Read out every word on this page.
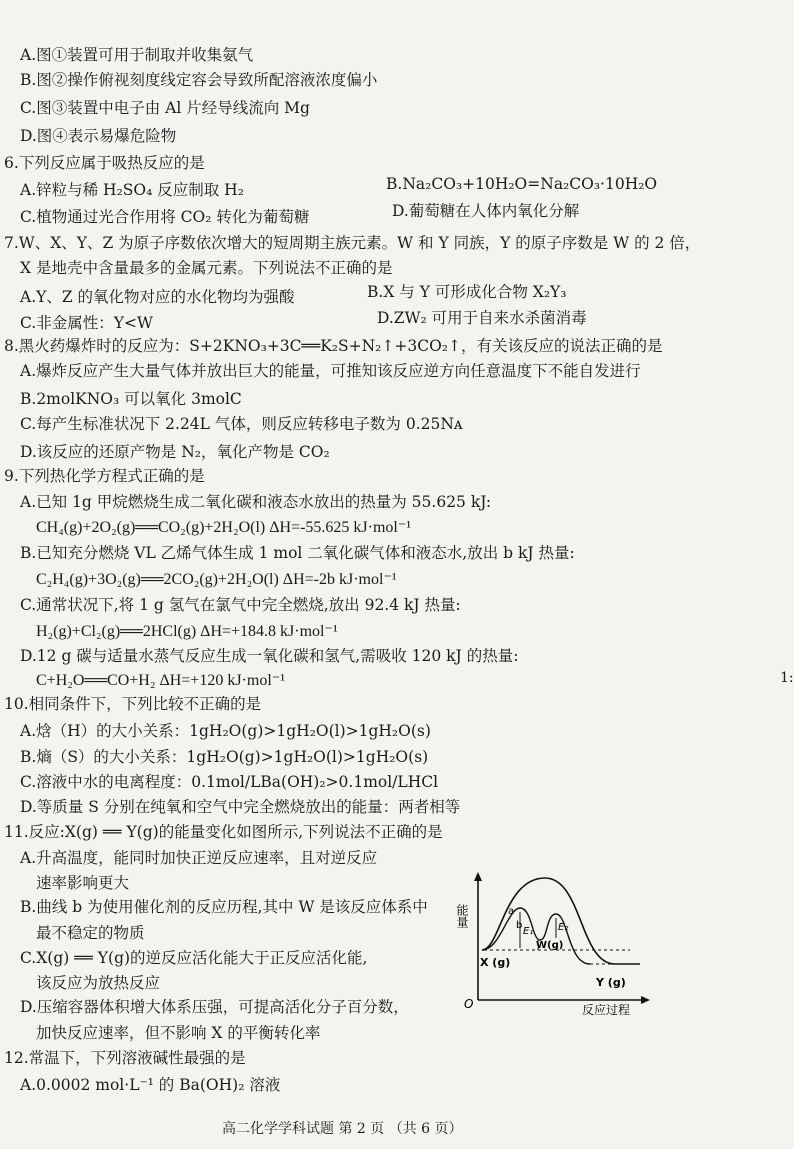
A.图①装置可用于制取并收集氨气
B.图②操作俯视刻度线定容会导致所配溶液浓度偏小
C.图③装置中电子由 Al 片经导线流向 Mg
D.图④表示易爆危险物
6.下列反应属于吸热反应的是
A.锌粒与稀 H₂SO₄ 反应制取 H₂	B.Na₂CO₃+10H₂O=Na₂CO₃·10H₂O
C.植物通过光合作用将 CO₂ 转化为葡萄糖	D.葡萄糖在人体内氧化分解
7.W、X、Y、Z 为原子序数依次增大的短周期主族元素。W 和 Y 同族，Y 的原子序数是 W 的 2 倍，
X 是地壳中含量最多的金属元素。下列说法不正确的是
A.Y、Z 的氧化物对应的水化物均为强酸	B.X 与 Y 可形成化合物 X₂Y₃
C.非金属性：Y<W	D.ZW₂ 可用于自来水杀菌消毒
8.黑火药爆炸时的反应为：S+2KNO₃+3C══K₂S+N₂↑+3CO₂↑，有关该反应的说法正确的是
A.爆炸反应产生大量气体并放出巨大的能量，可推知该反应逆方向任意温度下不能自发进行
B.2molKNO₃ 可以氧化 3molC
C.每产生标准状况下 2.24L 气体，则反应转移电子数为 0.25Nᴀ
D.该反应的还原产物是 N₂，氧化产物是 CO₂
9.下列热化学方程式正确的是
A.已知 1g 甲烷燃烧生成二氧化碳和液态水放出的热量为 55.625 kJ:
CH₄(g)+2O₂(g)══CO₂(g)+2H₂O(l) ΔH=-55.625 kJ·mol⁻¹
B.已知充分燃烧 VL 乙烯气体生成 1 mol 二氧化碳气体和液态水,放出 b kJ 热量:
C₂H₄(g)+3O₂(g)══2CO₂(g)+2H₂O(l) ΔH=-2b kJ·mol⁻¹
C.通常状况下,将 1 g 氢气在氯气中完全燃烧,放出 92.4 kJ 热量:
H₂(g)+Cl₂(g)══2HCl(g) ΔH=+184.8 kJ·mol⁻¹
D.12 g 碳与适量水蒸气反应生成一氧化碳和氢气,需吸收 120 kJ 的热量:
C+H₂O══CO+H₂ ΔH=+120 kJ·mol⁻¹
10.相同条件下，下列比较不正确的是
A.焓（H）的大小关系：1gH₂O(g)>1gH₂O(l)>1gH₂O(s)
B.熵（S）的大小关系：1gH₂O(g)>1gH₂O(l)>1gH₂O(s)
C.溶液中水的电离程度：0.1mol/LBa(OH)₂>0.1mol/LHCl
D.等质量 S 分别在纯氧和空气中完全燃烧放出的能量：两者相等
11.反应:X(g) ══ Y(g)的能量变化如图所示,下列说法不正确的是
A.升高温度，能同时加快正逆反应速率，且对逆反应
速率影响更大
B.曲线 b 为使用催化剂的反应历程,其中 W 是该反应体系中
最不稳定的物质
C.X(g) ══ Y(g)的逆反应活化能大于正反应活化能,
该反应为放热反应
D.压缩容器体积增大体系压强，可提高活化分子百分数，
加快反应速率，但不影响 X 的平衡转化率
12.常温下，下列溶液碱性最强的是
A.0.0002 mol·L⁻¹ 的 Ba(OH)₂ 溶液
能量
O	反应过程
a
b
E₁ E₂
W(g)
X (g)
Y (g)
高二化学学科试题 第 2 页 （共 6 页）
1:
